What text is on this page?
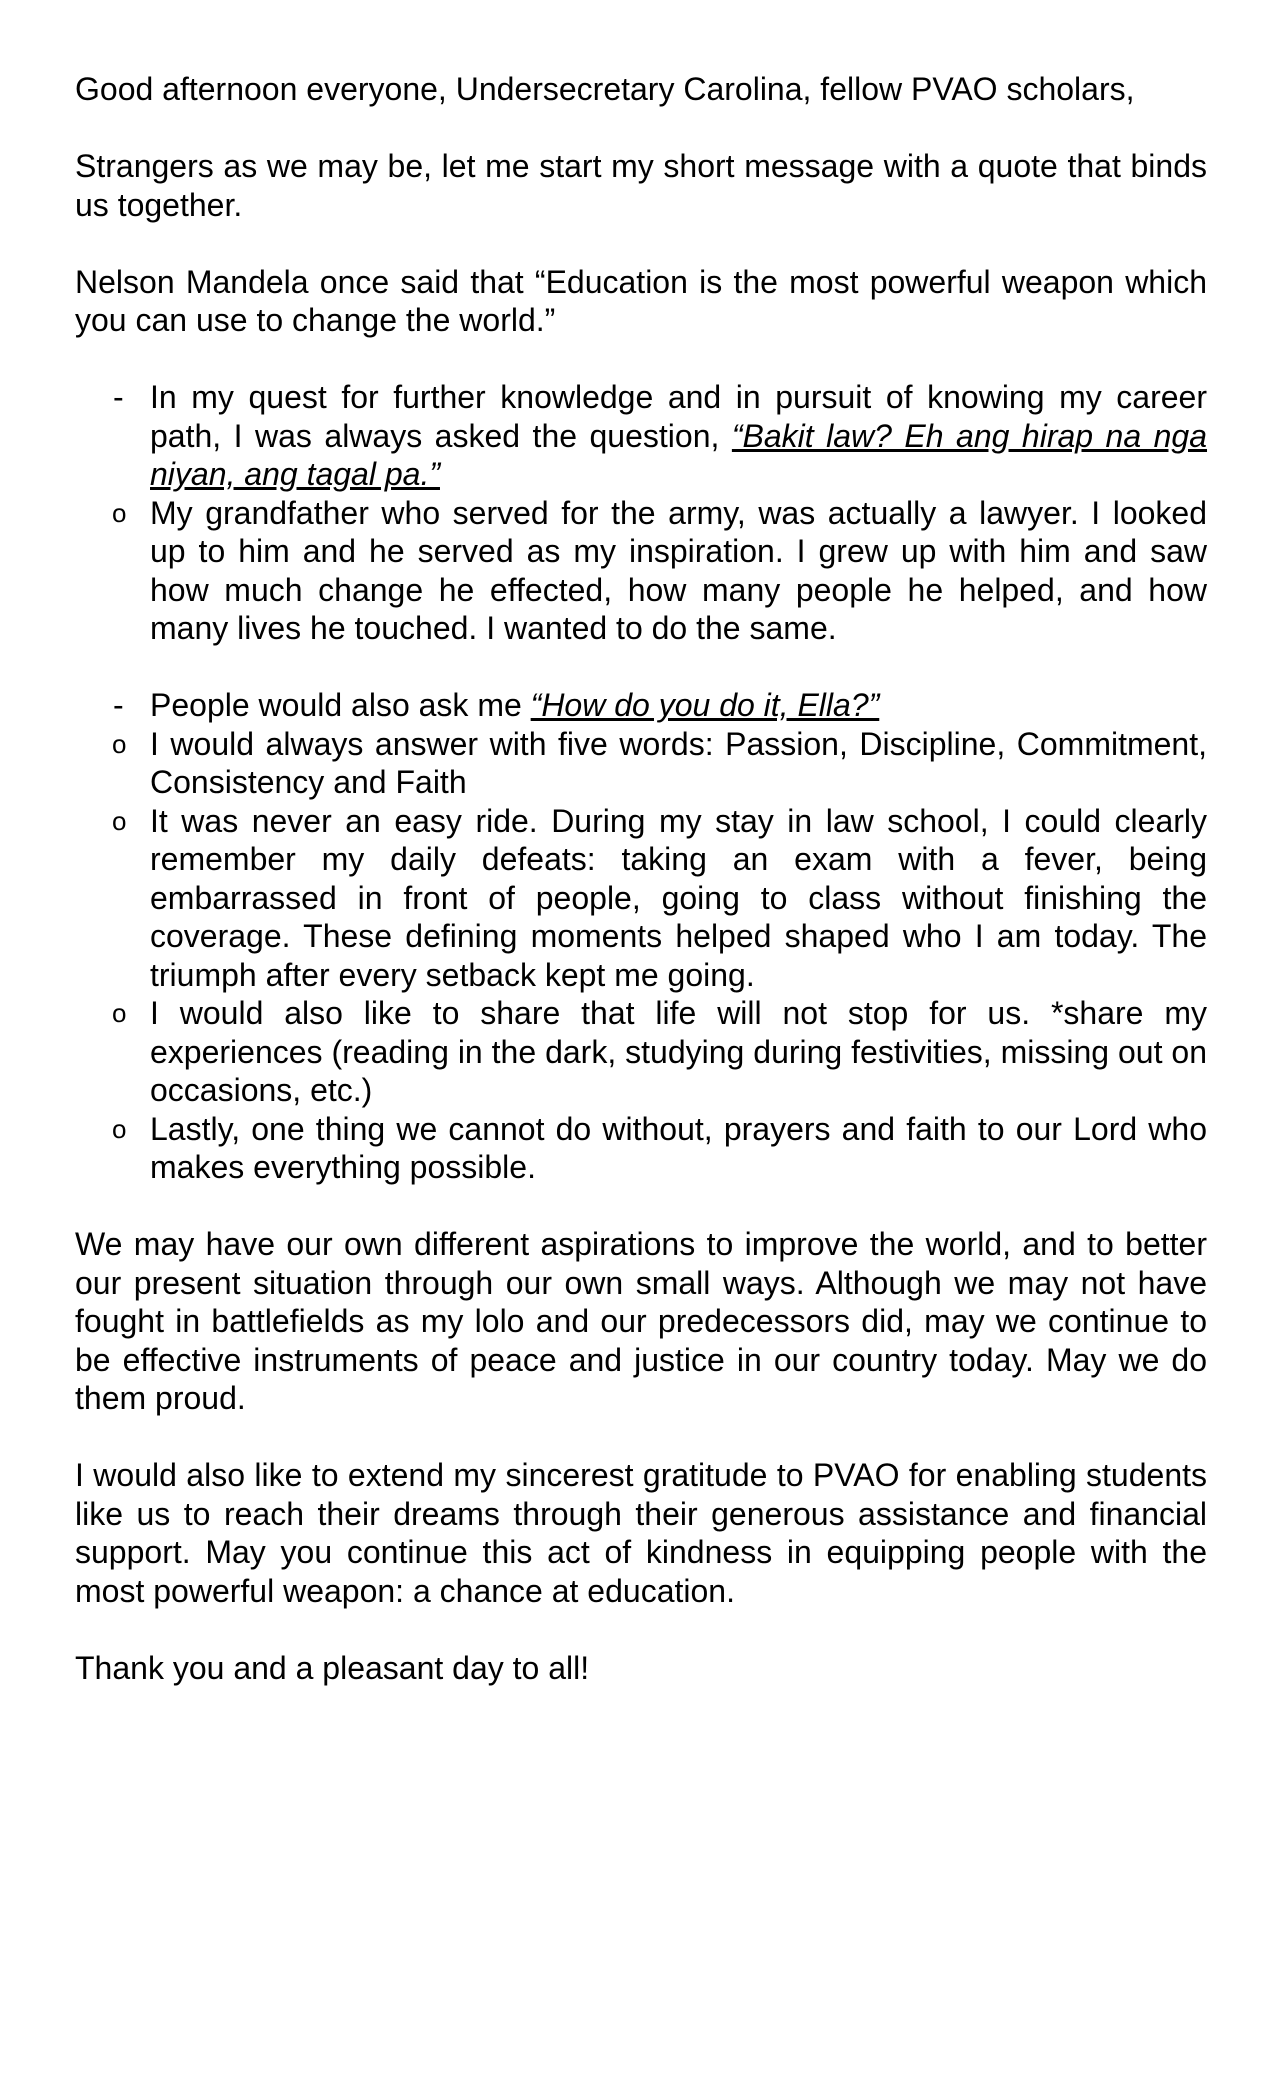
Good afternoon everyone, Undersecretary Carolina, fellow PVAO scholars,

Strangers as we may be, let me start my short message with a quote that binds us together.

Nelson Mandela once said that “Education is the most powerful weapon which you can use to change the world.”

- In my quest for further knowledge and in pursuit of knowing my career path, I was always asked the question, “Bakit law? Eh ang hirap na nga niyan, ang tagal pa.”
o My grandfather who served for the army, was actually a lawyer. I looked up to him and he served as my inspiration. I grew up with him and saw how much change he effected, how many people he helped, and how many lives he touched. I wanted to do the same.
- People would also ask me “How do you do it, Ella?”
o I would always answer with five words: Passion, Discipline, Commitment, Consistency and Faith
o It was never an easy ride. During my stay in law school, I could clearly remember my daily defeats: taking an exam with a fever, being embarrassed in front of people, going to class without finishing the coverage. These defining moments helped shaped who I am today. The triumph after every setback kept me going.
o I would also like to share that life will not stop for us. *share my experiences (reading in the dark, studying during festivities, missing out on occasions, etc.)
o Lastly, one thing we cannot do without, prayers and faith to our Lord who makes everything possible.

We may have our own different aspirations to improve the world, and to better our present situation through our own small ways. Although we may not have fought in battlefields as my lolo and our predecessors did, may we continue to be effective instruments of peace and justice in our country today. May we do them proud.

I would also like to extend my sincerest gratitude to PVAO for enabling students like us to reach their dreams through their generous assistance and financial support. May you continue this act of kindness in equipping people with the most powerful weapon: a chance at education.

Thank you and a pleasant day to all!
